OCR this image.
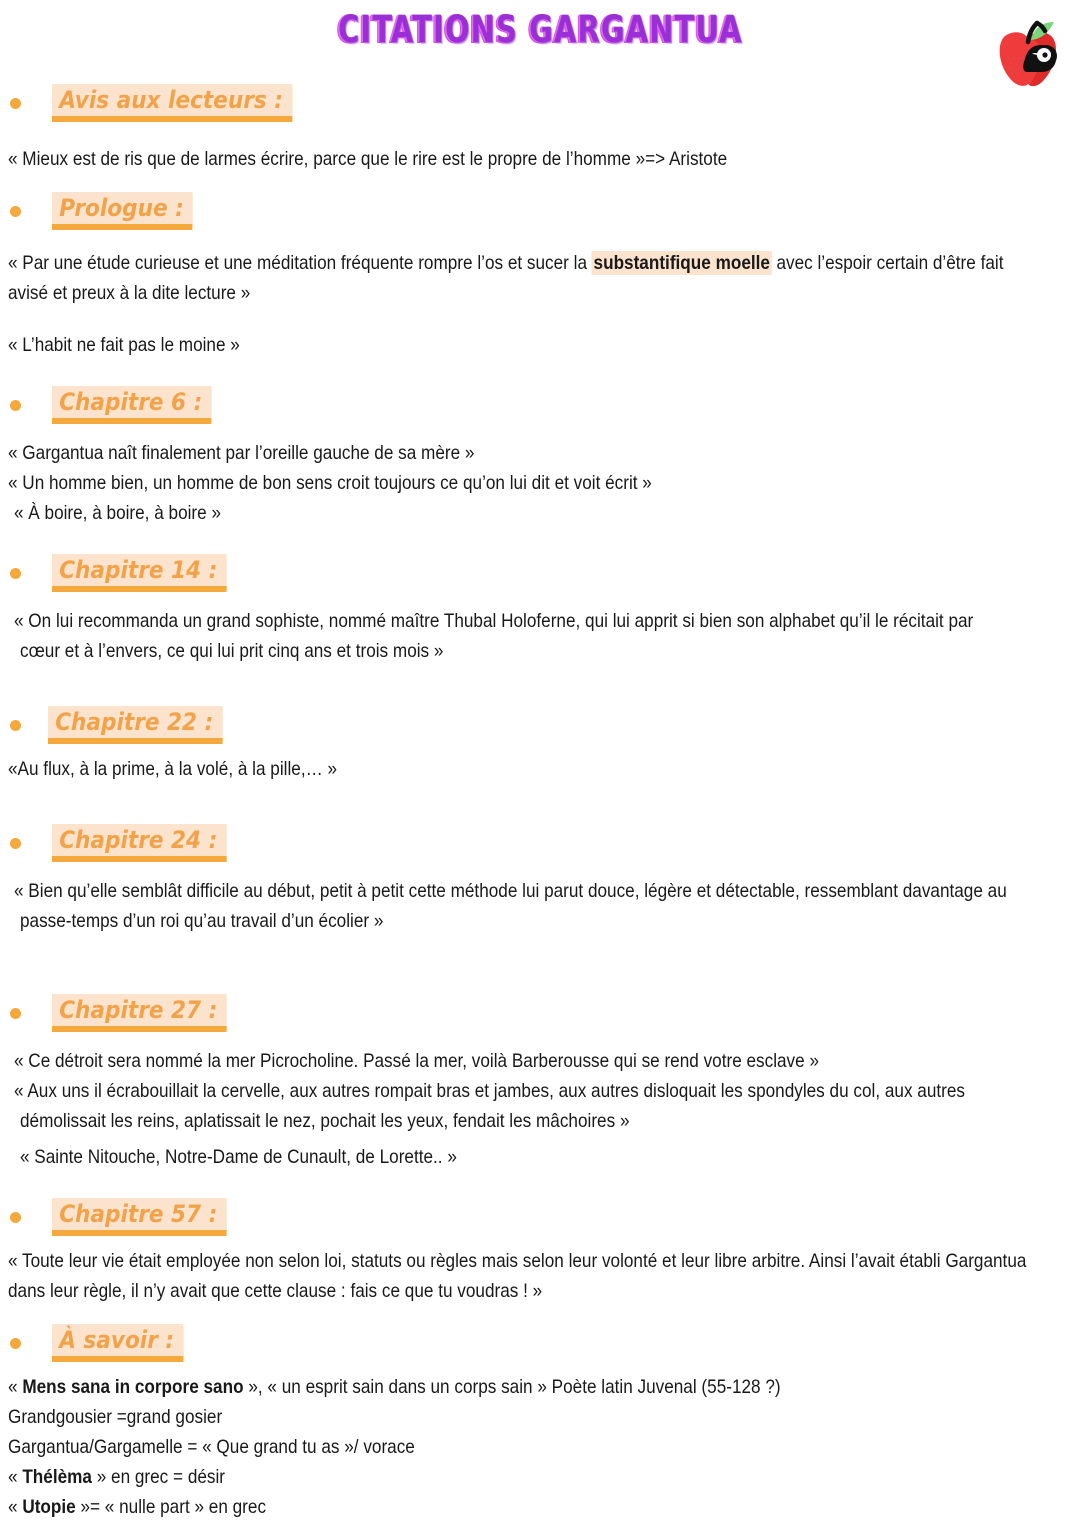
CITATIONS GARGANTUA
Avis aux lecteurs :
« Mieux est de ris que de larmes écrire, parce que le rire est le propre de l’homme »=> Aristote
Prologue :
« Par une étude curieuse et une méditation fréquente rompre l’os et sucer la substantifique moelle avec l’espoir certain d’être fait
avisé et preux à la dite lecture »
« L’habit ne fait pas le moine »
Chapitre 6 :
« Gargantua naît finalement par l’oreille gauche de sa mère »
« Un homme bien, un homme de bon sens croit toujours ce qu’on lui dit et voit écrit »
« À boire, à boire, à boire »
Chapitre 14 :
« On lui recommanda un grand sophiste, nommé maître Thubal Holoferne, qui lui apprit si bien son alphabet qu’il le récitait par
cœur et à l’envers, ce qui lui prit cinq ans et trois mois »
Chapitre 22 :
«Au flux, à la prime, à la volé, à la pille,… »
Chapitre 24 :
« Bien qu’elle semblât difficile au début, petit à petit cette méthode lui parut douce, légère et détectable, ressemblant davantage au
passe-temps d’un roi qu’au travail d’un écolier »
Chapitre 27 :
« Ce détroit sera nommé la mer Picrocholine. Passé la mer, voilà Barberousse qui se rend votre esclave »
« Aux uns il écrabouillait la cervelle, aux autres rompait bras et jambes, aux autres disloquait les spondyles du col, aux autres
démolissait les reins, aplatissait le nez, pochait les yeux, fendait les mâchoires »
« Sainte Nitouche, Notre-Dame de Cunault, de Lorette.. »
Chapitre 57 :
« Toute leur vie était employée non selon loi, statuts ou règles mais selon leur volonté et leur libre arbitre. Ainsi l’avait établi Gargantua
dans leur règle, il n’y avait que cette clause : fais ce que tu voudras ! »
À savoir :
« Mens sana in corpore sano », « un esprit sain dans un corps sain » Poète latin Juvenal (55-128 ?)
Grandgousier =grand gosier
Gargantua/Gargamelle = « Que grand tu as »/ vorace
« Thélèma » en grec = désir
« Utopie »= « nulle part » en grec
